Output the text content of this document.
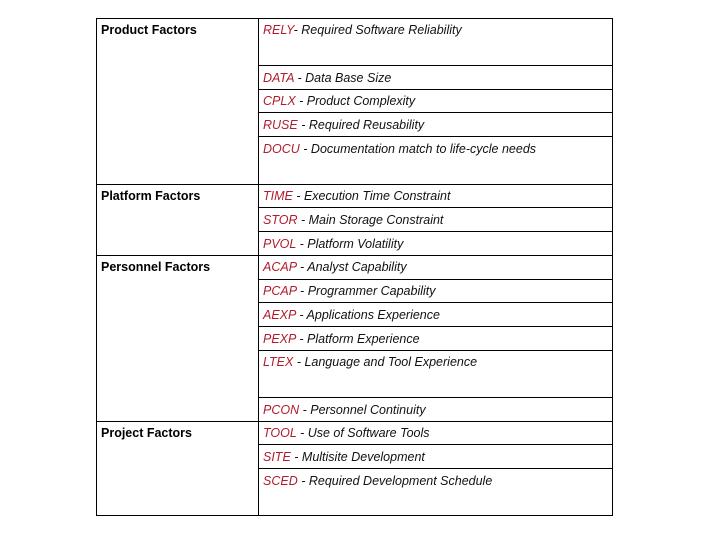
Product Factors
Platform Factors
Personnel Factors
Project Factors
RELY- Required Software Reliability
DATA - Data Base Size
CPLX - Product Complexity
RUSE - Required Reusability
DOCU - Documentation match to life-cycle needs
TIME - Execution Time Constraint
STOR - Main Storage Constraint
PVOL - Platform Volatility
ACAP - Analyst Capability
PCAP - Programmer Capability
AEXP - Applications Experience
PEXP - Platform Experience
LTEX - Language and Tool Experience
PCON - Personnel Continuity
TOOL - Use of Software Tools
SITE - Multisite Development
SCED - Required Development Schedule
